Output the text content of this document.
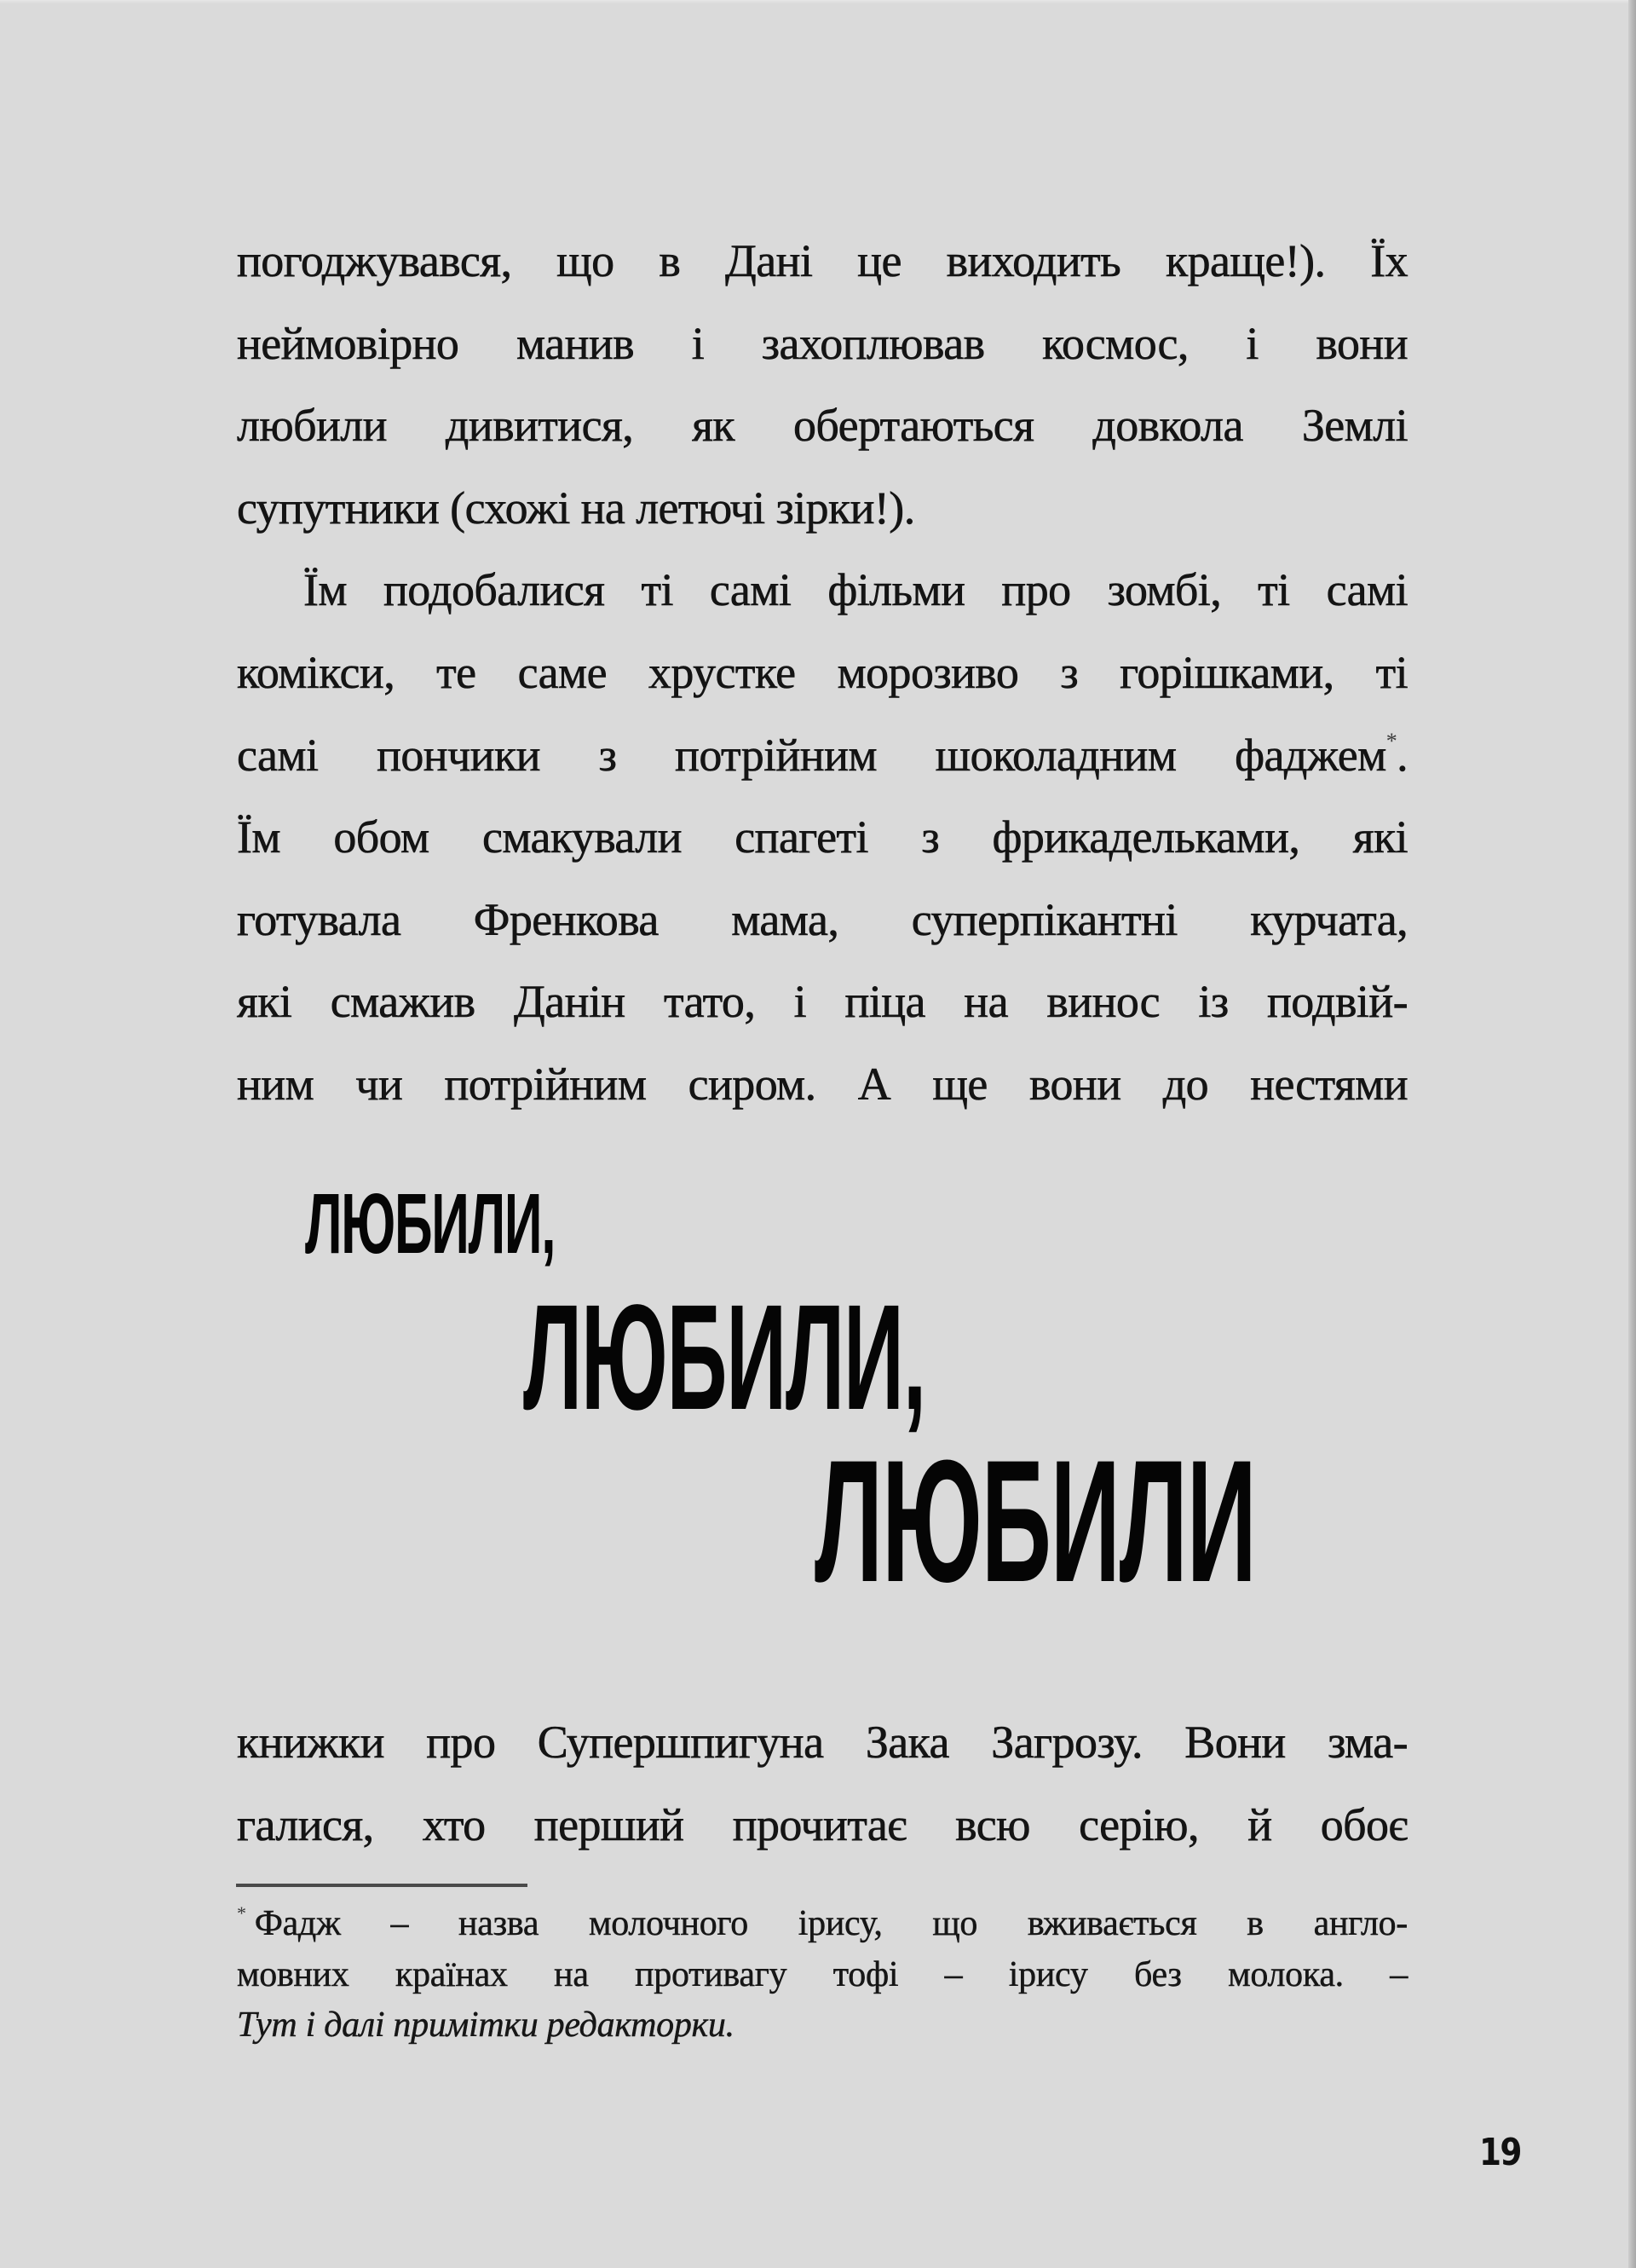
погоджувався, що в Дані це виходить краще!). Їх
неймовірно манив і захоплював космос, і вони
любили дивитися, як обертаються довкола Землі
супутники (схожі на летючі зірки!).
Їм подобалися ті самі фільми про зомбі, ті самі
комікси, те саме хрустке морозиво з горішками, ті
самі пончики з потрійним шоколадним фаджем*.
Їм обом смакували спагеті з фрикадельками, які
готувала Френкова мама, суперпікантні курчата,
які смажив Данін тато, і піца на винос із подвій-
ним чи потрійним сиром. А ще вони до нестями
ЛЮБИЛИ,
ЛЮБИЛИ,
ЛЮБИЛИ
книжки про Супершпигуна Зака Загрозу. Вони зма-
галися, хто перший прочитає всю серію, й обоє
* Фадж – назва молочного ірису, що вживається в англо-
мовних країнах на противагу тофі – ірису без молока. –
Тут і далі примітки редакторки.
19
